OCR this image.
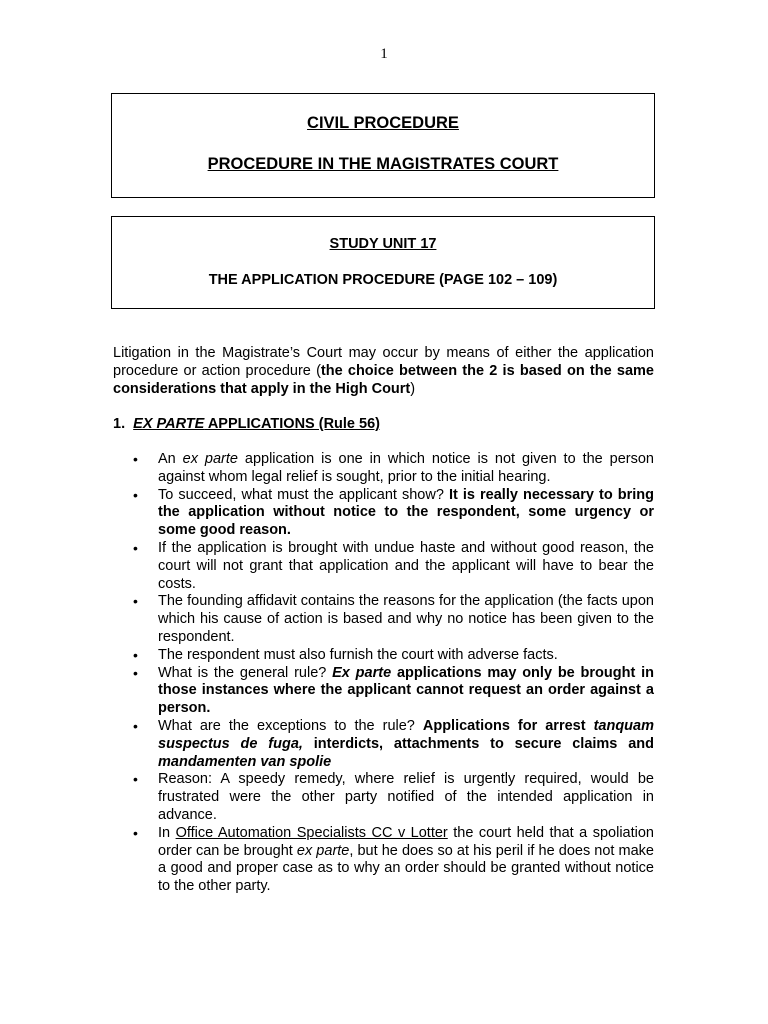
1
CIVIL PROCEDURE
PROCEDURE IN THE MAGISTRATES COURT
STUDY UNIT 17
THE APPLICATION PROCEDURE (PAGE 102 – 109)

Litigation in the Magistrate’s Court may occur by means of either the application procedure or action procedure (the choice between the 2 is based on the same considerations that apply in the High Court)

1. EX PARTE APPLICATIONS (Rule 56)

• An ex parte application is one in which notice is not given to the person against whom legal relief is sought, prior to the initial hearing.
• To succeed, what must the applicant show? It is really necessary to bring the application without notice to the respondent, some urgency or some good reason.
• If the application is brought with undue haste and without good reason, the court will not grant that application and the applicant will have to bear the costs.
• The founding affidavit contains the reasons for the application (the facts upon which his cause of action is based and why no notice has been given to the respondent.
• The respondent must also furnish the court with adverse facts.
• What is the general rule? Ex parte applications may only be brought in those instances where the applicant cannot request an order against a person.
• What are the exceptions to the rule? Applications for arrest tanquam suspectus de fuga, interdicts, attachments to secure claims and mandamenten van spolie
• Reason: A speedy remedy, where relief is urgently required, would be frustrated were the other party notified of the intended application in advance.
• In Office Automation Specialists CC v Lotter the court held that a spoliation order can be brought ex parte, but he does so at his peril if he does not make a good and proper case as to why an order should be granted without notice to the other party.
